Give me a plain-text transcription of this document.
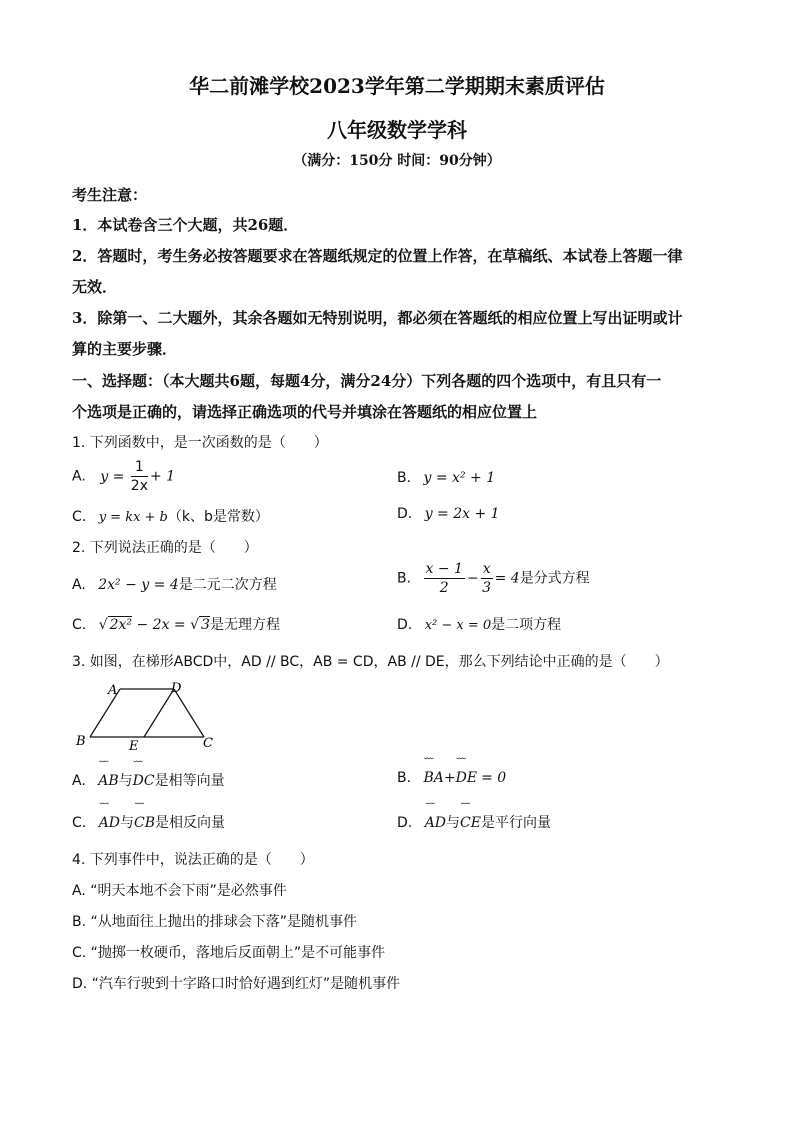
华二前滩学校2023学年第二学期期末素质评估
八年级数学学科
（满分：150分 时间：90分钟）
考生注意：
1．本试卷含三个大题，共26题．
2．答题时，考生务必按答题要求在答题纸规定的位置上作答，在草稿纸、本试卷上答题一律
无效．
3．除第一、二大题外，其余各题如无特别说明，都必须在答题纸的相应位置上写出证明或计
算的主要步骤．
一、选择题：（本大题共6题，每题4分，满分24分）下列各题的四个选项中，有且只有一
个选项是正确的，请选择正确选项的代号并填涂在答题纸的相应位置上
1. 下列函数中，是一次函数的是（　　）
A. $y = \frac{1}{2x} + 1$	B. y = x² + 1
C. y = kx + b（k、b是常数）	D. y = 2x + 1
2. 下列说法正确的是（　　）
A. 2x² − y = 4是二元二次方程	B. $\frac{x - 1}{2} - \frac{x}{3} = 4$是分式方程
C. √ 2x² − 2x = √ 3是无理方程	D. x² − x = 0是二项方程
3. 如图，在梯形ABCD中，AD // BC，AB = CD，AB // DE，那么下列结论中正确的是（　　）
A	D
B	E	C
A. ˘˘˘ AB与˘˘˘ DC是相等向量	B. ˘˘˘ BA+˘˘˘ DE = 0
C. ˘˘˘ AD与˘˘˘ CB是相反向量	D. ˘˘˘ AD与˘˘˘ CE是平行向量
4. 下列事件中，说法正确的是（　　）
A. “明天本地不会下雨”是必然事件
B. “从地面往上抛出的排球会下落”是随机事件
C. “抛掷一枚硬币，落地后反面朝上”是不可能事件
D. “汽车行驶到十字路口时恰好遇到红灯”是随机事件
